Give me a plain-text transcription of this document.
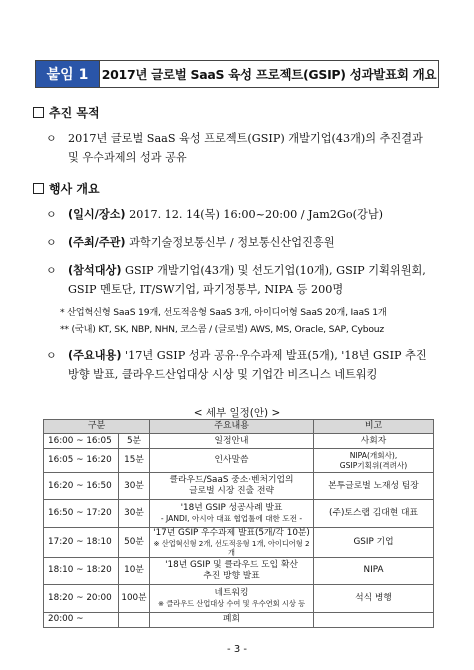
붙임 1	2017년 글로벌 SaaS 육성 프로젝트(GSIP) 성과발표회 개요
추진 목적
ㅇ 2017년 글로벌 SaaS 육성 프로젝트(GSIP) 개발기업(43개)의 추진결과
및 우수과제의 성과 공유
행사 개요
ㅇ (일시/장소) 2017. 12. 14(목) 16:00~20:00 / Jam2Go(강남)
ㅇ (주최/주관) 과학기술정보통신부 / 정보통신산업진흥원
ㅇ (참석대상) GSIP 개발기업(43개) 및 선도기업(10개), GSIP 기획위원회,
GSIP 멘토단, IT/SW기업, 파기정통부, NIPA 등 200명
* 산업혁신형 SaaS 19개, 선도적응형 SaaS 3개, 아이디어형 SaaS 20개, IaaS 1개
** (국내) KT, SK, NBP, NHN, 코스콤 / (글로벌) AWS, MS, Oracle, SAP, Cybouz
ㅇ (주요내용) '17년 GSIP 성과 공유·우수과제 발표(5개), '18년 GSIP 추진
방향 발표, 클라우드산업대상 시상 및 기업간 비즈니스 네트워킹
< 세부 일정(안) >
구분		주요내용	비고
16:00 ~ 16:05	5분	일정안내	사회자
16:05 ~ 16:20	15분	인사말씀	NIPA(개회사),
GSIP기획위(격려사)

16:20 ~ 16:50	30분	클라우드/SaaS 중소·벤처기업의
글로벌 시장 진출 전략	본투글로벌 노재성 팀장
16:50 ~ 17:20	30분	'18년 GSIP 성공사례 발표
- JANDI, 아시아 대표 협업툴에 대한 도전 -	(주)토스랩 김대현 대표
17:20 ~ 18:10	50분	'17년 GSIP 우수과제 발표(5개/각 10분)
※ 산업혁신형 2개, 선도적응형 1개, 아이디어형 2개	GSIP 기업
18:10 ~ 18:20	10분	'18년 GSIP 및 클라우드 도입 확산
추진 방향 발표	NIPA
18:20 ~ 20:00	100분	네트워킹
※ 클라우드 산업대상 수여 및 우수연회 시상 등	석식 병행
20:00 ~		폐회	
- 3 -
